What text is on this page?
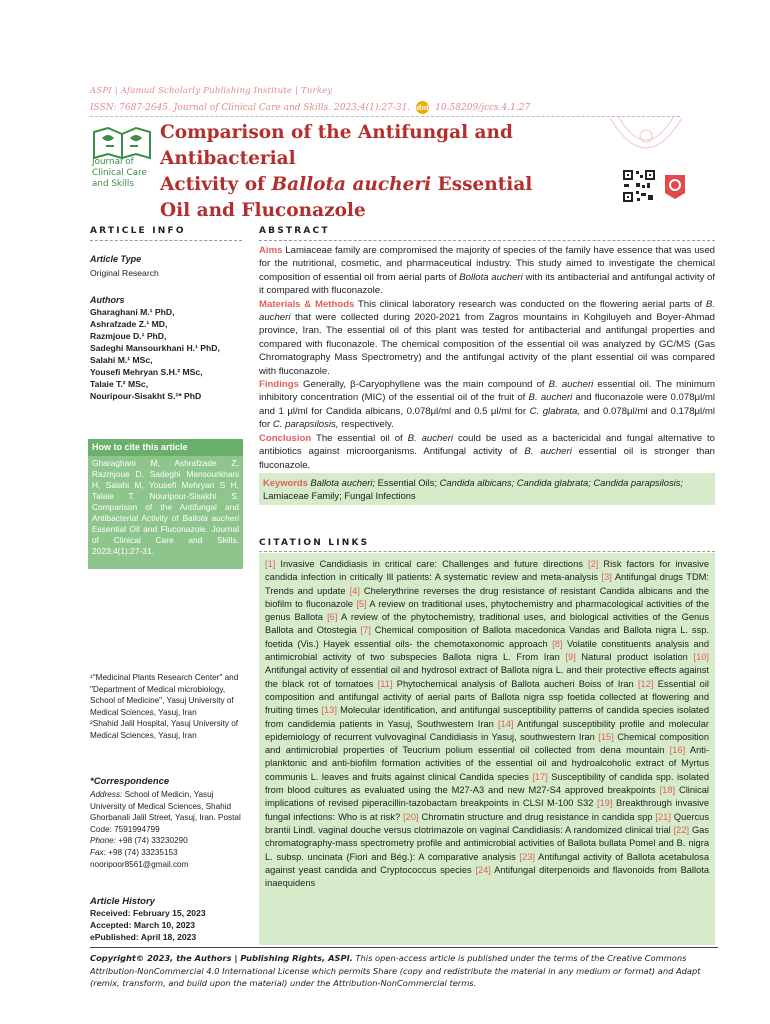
ASPI | Afamud Scholarly Publishing Institute | Turkey
ISSN: 7687-2645. Journal of Clinical Care and Skills. 2023;4(1):27-31. doi 10.58209/jccs.4.1.27
Journal of
Clinical Care
and Skills
Comparison of the Antifungal and Antibacterial
Activity of Ballota aucheri Essential
Oil and Fluconazole
ARTICLE INFO	ABSTRACT
Article Type
Original Research
Authors
Gharaghani M.¹ PhD,
Ashrafzade Z.¹ MD,
Razmjoue D.¹ PhD,
Sadeghi Mansourkhani H.¹ PhD,
Salahi M.¹ MSc,
Yousefi Mehryan S.H.² MSc,
Talaie T.² MSc,
Nouripour-Sisakht S.¹* PhD
How to cite this article
Gharaghani M, Ashrafzade Z, Razmjoue D, Sadeghi Mansourkhani H, Salahi M, Yousefi Mehryan S H, Talaie T. Nouripour-Sisakht S. Comparison of the Antifungal and Antibacterial Activity of Ballota aucheri Essential Oil and Fluconazole. Journal of Clinical Care and Skills. 2023;4(1):27-31.
¹"Medicinal Plants Research Center" and "Department of Medical microbiology, School of Medicine", Yasuj University of Medical Sciences, Yasuj, Iran
²Shahid Jalil Hospital, Yasuj University of Medical Sciences, Yasuj, Iran
*Correspondence
Address: School of Medicin, Yasuj University of Medical Sciences, Shahid Ghorbanali Jalil Street, Yasuj, Iran. Postal Code: 7591994799
Phone: +98 (74) 33230290
Fax: +98 (74) 33235153
nooripoor8561@gmail.com
Article History
Received: February 15, 2023
Accepted: March 10, 2023
ePublished: April 18, 2023

Aims Lamiaceae family are compromised the majority of species of the family have essence that was used for the nutritional, cosmetic, and pharmaceutical industry. This study aimed to investigate the chemical composition of essential oil from aerial parts of Bollota aucheri with its antibacterial and antifungal activity of it compared with fluconazole.

Materials & Methods This clinical laboratory research was conducted on the flowering aerial parts of B. aucheri that were collected during 2020-2021 from Zagros mountains in Kohgiluyeh and Boyer-Ahmad province, Iran. The essential oil of this plant was tested for antibacterial and antifungal properties and compared with fluconazole. The chemical composition of the essential oil was analyzed by GC/MS (Gas Chromatography Mass Spectrometry) and the antifungal activity of the plant essential oil was compared with fluconazole.

Findings Generally, β-Caryophyllene was the main compound of B. aucheri essential oil. The minimum inhibitory concentration (MIC) of the essential oil of the fruit of B. aucheri and fluconazole were 0.078μl/ml and 1 μl/ml for Candida albicans, 0.078μl/ml and 0.5 μl/ml for C. glabrata, and 0.078μl/ml and 0.178μl/ml for C. parapsilosis, respectively.

Conclusion The essential oil of B. aucheri could be used as a bactericidal and fungal alternative to antibiotics against microorganisms. Antifungal activity of B. aucheri essential oil is stronger than fluconazole.

Keywords Ballota aucheri; Essential Oils; Candida albicans; Candida glabrata; Candida parapsilosis; Lamiaceae Family; Fungal Infections
CITATION LINKS
[1] Invasive Candidiasis in critical care: Challenges and future directions [2] Risk factors for invasive candida infection in critically Ill patients: A systematic review and meta-analysis [3] Antifungal drugs TDM: Trends and update [4] Chelerythrine reverses the drug resistance of resistant Candida albicans and the biofilm to fluconazole [5] A review on traditional uses, phytochemistry and pharmacological activities of the genus Ballota [6] A review of the phytochemistry, traditional uses, and biological activities of the Genus Ballota and Otostegia [7] Chemical composition of Ballota macedonica Vandas and Ballota nigra L. ssp. foetida (Vis.) Hayek essential oils- the chemotaxonomic approach [8] Volatile constituents analysis and antimicrobial activity of two subspecies Ballota nigra L. From Iran [9] Natural product isolation [10] Antifungal activity of essential oil and hydrosol extract of Ballota nigra L. and their protective effects against the black rot of tomatoes [11] Phytochemical analysis of Ballota aucheri Boiss of Iran [12] Essential oil composition and antifungal activity of aerial parts of Ballota nigra ssp foetida collected at flowering and fruiting times [13] Molecular identification, and antifungal susceptibility patterns of candida species isolated from candidemia patients in Yasuj, Southwestern Iran [14] Antifungal susceptibility profile and molecular epidemiology of recurrent vulvovaginal Candidiasis in Yasuj, southwestern Iran [15] Chemical composition and antimicrobial properties of Teucrium polium essential oil collected from dena mountain [16] Anti-planktonic and anti-biofilm formation activities of the essential oil and hydroalcoholic extract of Myrtus communis L. leaves and fruits against clinical Candida species [17] Susceptibility of candida spp. isolated from blood cultures as evaluated using the M27-A3 and new M27-S4 approved breakpoints [18] Clinical implications of revised piperacillin-tazobactam breakpoints in CLSI M-100 S32 [19] Breakthrough invasive fungal infections: Who is at risk? [20] Chromatin structure and drug resistance in candida spp [21] Quercus brantii Lindl. vaginal douche versus clotrimazole on vaginal Candidiasis: A randomized clinical trial [22] Gas chromatography-mass spectrometry profile and antimicrobial activities of Ballota bullata Pomel and B. nigra L. subsp. uncinata (Fiori and Bég.): A comparative analysis [23] Antifungal activity of Ballota acetabulosa against yeast candida and Cryptococcus species [24] Antifungal diterpenoids and flavonoids from Ballota inaequidens
Copyright© 2023, the Authors | Publishing Rights, ASPI. This open-access article is published under the terms of the Creative Commons Attribution-NonCommercial 4.0 International License which permits Share (copy and redistribute the material in any medium or format) and Adapt (remix, transform, and build upon the material) under the Attribution-NonCommercial terms.
